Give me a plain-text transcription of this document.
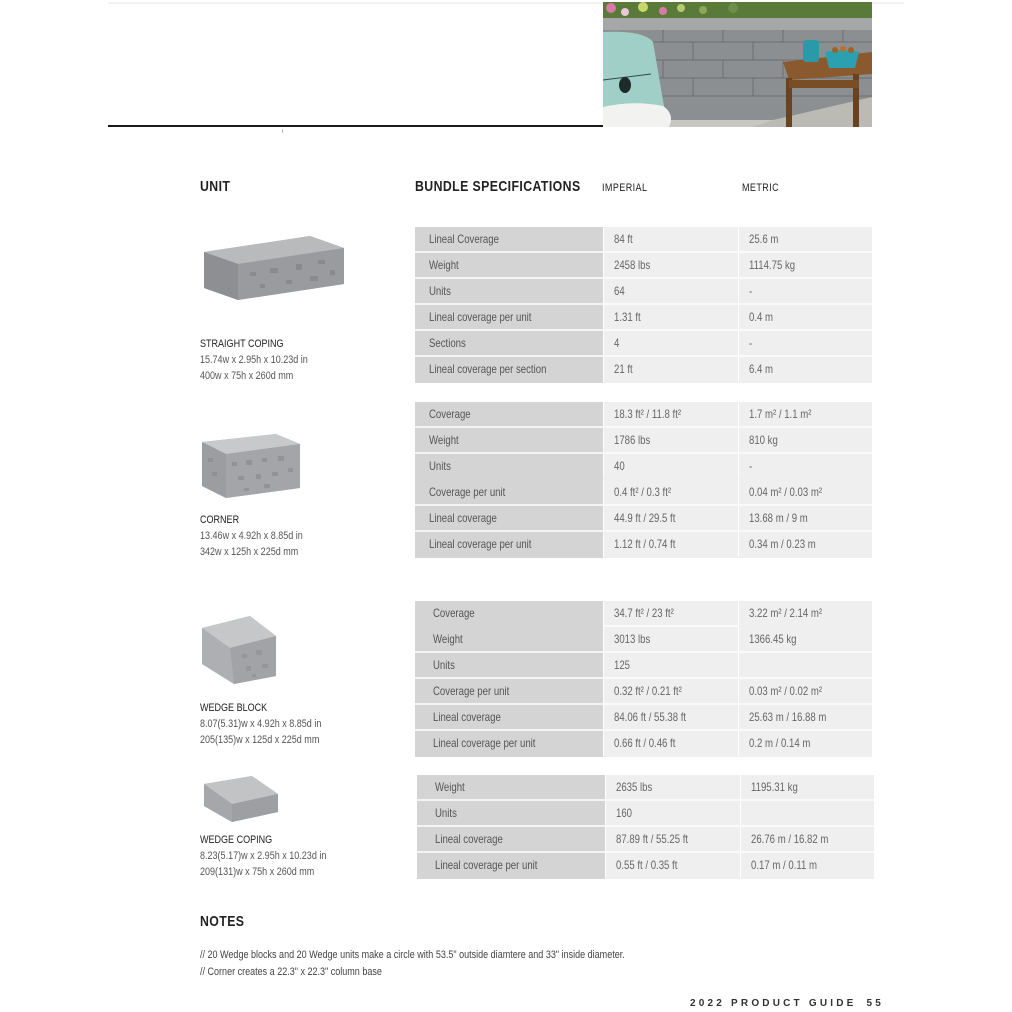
UNIT	BUNDLE SPECIFICATIONS IMPERIAL	METRIC
STRAIGHT COPING
15.74w x 2.95h x 10.23d in
400w x 75h x 260d mm
Lineal Coverage	84 ft	25.6 m
Weight	2458 lbs	1114.75 kg
Units	64	-
Lineal coverage per unit	1.31 ft	0.4 m
Sections	4	-
Lineal coverage per section	21 ft	6.4 m
CORNER
13.46w x 4.92h x 8.85d in
342w x 125h x 225d mm
Coverage	18.3 ft² / 11.8 ft²	1.7 m² / 1.1 m²
Weight	1786 lbs	810 kg
Units	40	-
Coverage per unit	0.4 ft² / 0.3 ft²	0.04 m² / 0.03 m²
Lineal coverage	44.9 ft / 29.5 ft	13.68 m / 9 m
Lineal coverage per unit	1.12 ft / 0.74 ft	0.34 m / 0.23 m
WEDGE BLOCK
8.07(5.31)w x 4.92h x 8.85d in
205(135)w x 125d x 225d mm
Coverage	34.7 ft² / 23 ft²	3.22 m² / 2.14 m²
Weight	3013 lbs	1366.45 kg
Units	125
Coverage per unit	0.32 ft² / 0.21 ft²	0.03 m² / 0.02 m²
Lineal coverage	84.06 ft / 55.38 ft	25.63 m / 16.88 m
Lineal coverage per unit	0.66 ft / 0.46 ft	0.2 m / 0.14 m
WEDGE COPING
8.23(5.17)w x 2.95h x 10.23d in
209(131)w x 75h x 260d mm
Weight	2635 lbs	1195.31 kg
Units	160
Lineal coverage	87.89 ft / 55.25 ft	26.76 m / 16.82 m
Lineal coverage per unit	0.55 ft / 0.35 ft	0.17 m / 0.11 m
NOTES
// 20 Wedge blocks and 20 Wedge units make a circle with 53.5" outside diamtere and 33" inside diameter.
// Corner creates a 22.3" x 22.3" column base
2022 PRODUCT GUIDE 55
